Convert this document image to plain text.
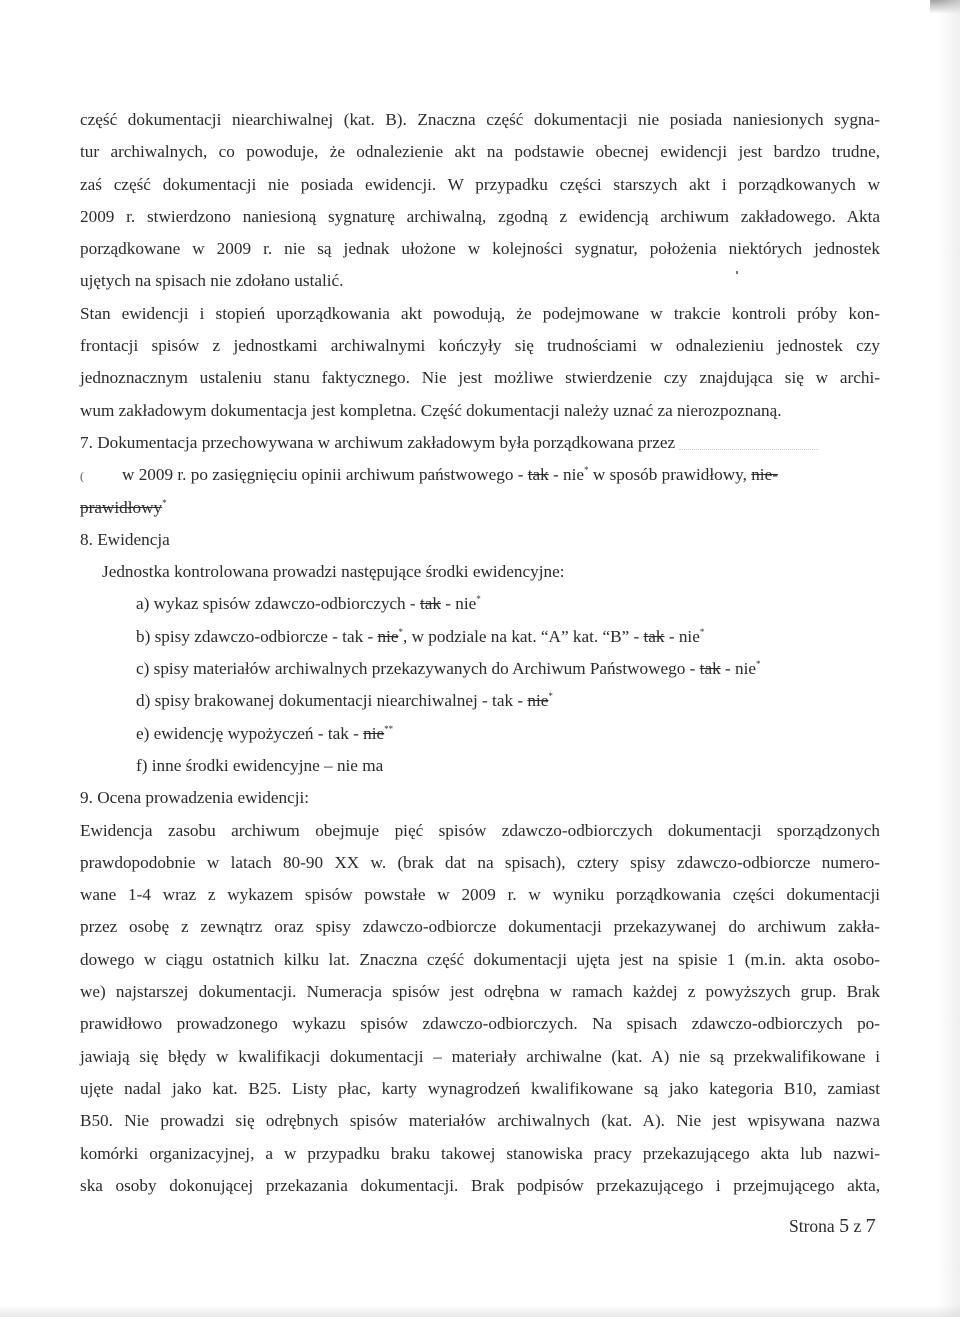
część dokumentacji niearchiwalnej (kat. B). Znaczna część dokumentacji nie posiada naniesionych sygna-
tur archiwalnych, co powoduje, że odnalezienie akt na podstawie obecnej ewidencji jest bardzo trudne,
zaś część dokumentacji nie posiada ewidencji. W przypadku części starszych akt i porządkowanych w
2009 r. stwierdzono naniesioną sygnaturę archiwalną, zgodną z ewidencją archiwum zakładowego. Akta
porządkowane w 2009 r. nie są jednak ułożone w kolejności sygnatur, położenia niektórych jednostek
ujętych na spisach nie zdołano ustalić.
Stan ewidencji i stopień uporządkowania akt powodują, że podejmowane w trakcie kontroli próby kon-
frontacji spisów z jednostkami archiwalnymi kończyły się trudnościami w odnalezieniu jednostek czy
jednoznacznym ustaleniu stanu faktycznego. Nie jest możliwe stwierdzenie czy znajdująca się w archi-
wum zakładowym dokumentacja jest kompletna. Część dokumentacji należy uznać za nierozpoznaną.
7. Dokumentacja przechowywana w archiwum zakładowym była porządkowana przez
( w 2009 r. po zasięgnięciu opinii archiwum państwowego - tak - nie* w sposób prawidłowy, nie-
prawidłowy*
8. Ewidencja
Jednostka kontrolowana prowadzi następujące środki ewidencyjne:
a) wykaz spisów zdawczo-odbiorczych - tak - nie*
b) spisy zdawczo-odbiorcze - tak - nie*, w podziale na kat. “A” kat. “B” - tak - nie*
c) spisy materiałów archiwalnych przekazywanych do Archiwum Państwowego - tak - nie*
d) spisy brakowanej dokumentacji niearchiwalnej - tak - nie*
e) ewidencję wypożyczeń - tak - nie**
f) inne środki ewidencyjne – nie ma
9. Ocena prowadzenia ewidencji:
Ewidencja zasobu archiwum obejmuje pięć spisów zdawczo-odbiorczych dokumentacji sporządzonych
prawdopodobnie w latach 80-90 XX w. (brak dat na spisach), cztery spisy zdawczo-odbiorcze numero-
wane 1-4 wraz z wykazem spisów powstałe w 2009 r. w wyniku porządkowania części dokumentacji
przez osobę z zewnątrz oraz spisy zdawczo-odbiorcze dokumentacji przekazywanej do archiwum zakła-
dowego w ciągu ostatnich kilku lat. Znaczna część dokumentacji ujęta jest na spisie 1 (m.in. akta osobo-
we) najstarszej dokumentacji. Numeracja spisów jest odrębna w ramach każdej z powyższych grup. Brak
prawidłowo prowadzonego wykazu spisów zdawczo-odbiorczych. Na spisach zdawczo-odbiorczych po-
jawiają się błędy w kwalifikacji dokumentacji – materiały archiwalne (kat. A) nie są przekwalifikowane i
ujęte nadal jako kat. B25. Listy płac, karty wynagrodzeń kwalifikowane są jako kategoria B10, zamiast
B50. Nie prowadzi się odrębnych spisów materiałów archiwalnych (kat. A). Nie jest wpisywana nazwa
komórki organizacyjnej, a w przypadku braku takowej stanowiska pracy przekazującego akta lub nazwi-
ska osoby dokonującej przekazania dokumentacji. Brak podpisów przekazującego i przejmującego akta,
Strona 5 z 7
